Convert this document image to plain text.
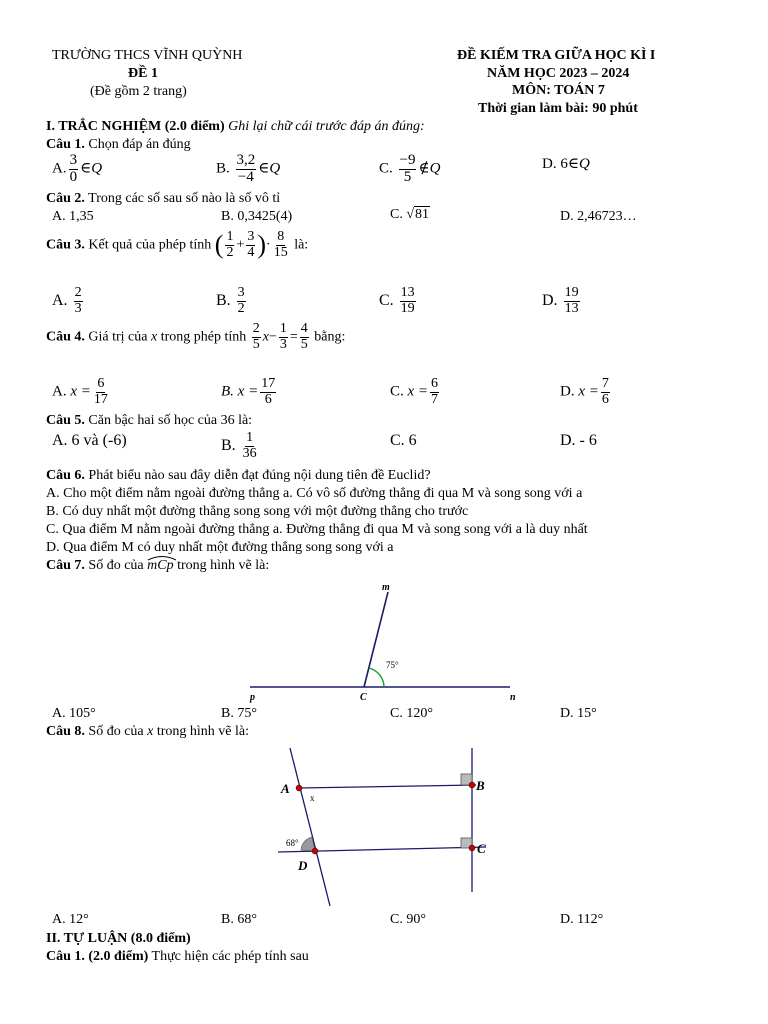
TRƯỜNG THCS VĨNH QUỲNH
ĐỀ 1
(Đề gồm 2 trang)
ĐỀ KIẾM TRA GIỮA HỌC KÌ I
NĂM HỌC 2023 – 2024
MÔN: TOÁN 7
Thời gian làm bài: 90 phút
I. TRẮC NGHIỆM (2.0 điểm) Ghi lại chữ cái trước đáp án đúng:
Câu 1. Chọn đáp án đúng
A. $\frac{3}{0}$ ∈Q	B. $\frac{3,2}{-4}$ ∈Q	C. $\frac{-9}{5}$ ∉Q	D. 6∈Q
Câu 2. Trong các số sau số nào là số vô tỉ
A. 1,35	B. 0,3425(4)	C. √81	D. 2,46723…
Câu 3. Kết quả của phép tính ( $\frac{1}{2} + \frac{3}{4}$ )· $\frac{8}{15}$ là:
A. $\frac{2}{3}$	B. $\frac{3}{2}$	C. $\frac{13}{19}$	D. $\frac{19}{13}$
Câu 4. Giá trị của x trong phép tính $\frac{2}{5} x- \frac{1}{3} = \frac{4}{5}$ bằng:
A. $x = \frac{6}{17}$	B. $x = \frac{17}{6}$	C. $x = \frac{6}{7}$	D. $x = \frac{7}{6}$
Câu 5. Căn bậc hai số học của 36 là:
A. 6 và (-6)	B. $\frac{1}{36}$	C. 6	D. - 6
Câu 6. Phát biểu nào sau đây diễn đạt đúng nội dung tiên đề Euclid?
A. Cho một điểm nằm ngoài đường thẳng a. Có vô số đường thẳng đi qua M và song song với a
B. Có duy nhất một đường thẳng song song với một đường thẳng cho trước
C. Qua điểm M nằm ngoài đường thẳng a. Đường thẳng đi qua M và song song với a là duy nhất
D. Qua điểm M có duy nhất một đường thẳng song song với a
Câu 7. Số đo của mCp trong hình vẽ là:
m
p	C	n
75°
A. 105°	B. 75°	C. 120°	D. 15°
Câu 8. Số đo của x trong hình vẽ là:
A	B
C
D
x
68°
A. 12°	B. 68°	C. 90°	D. 112°
II. TỰ LUẬN (8.0 điểm)
Câu 1. (2.0 điểm) Thực hiện các phép tính sau
